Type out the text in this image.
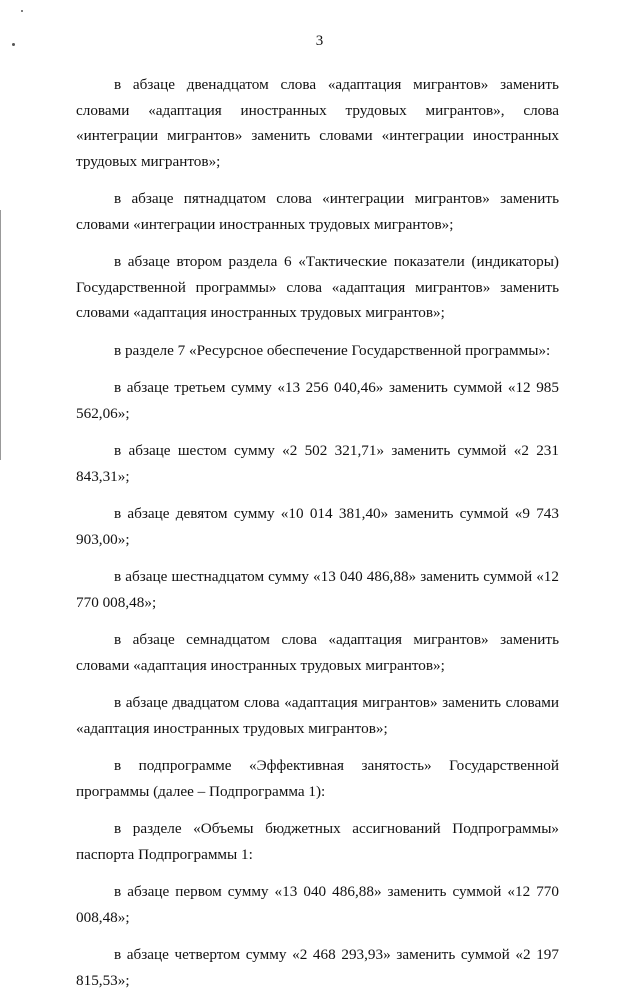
3

в абзаце двенадцатом слова «адаптация мигрантов» заменить словами «адаптация иностранных трудовых мигрантов», слова «интеграции мигрантов» заменить словами «интеграции иностранных трудовых мигрантов»;

в абзаце пятнадцатом слова «интеграции мигрантов» заменить словами «интеграции иностранных трудовых мигрантов»;

в абзаце втором раздела 6 «Тактические показатели (индикаторы) Государственной программы» слова «адаптация мигрантов» заменить словами «адаптация иностранных трудовых мигрантов»;

в разделе 7 «Ресурсное обеспечение Государственной программы»:

в абзаце третьем сумму «13 256 040,46» заменить суммой «12 985 562,06»;

в абзаце шестом сумму «2 502 321,71» заменить суммой «2 231 843,31»;

в абзаце девятом сумму «10 014 381,40» заменить суммой «9 743 903,00»;

в абзаце шестнадцатом сумму «13 040 486,88» заменить суммой «12 770 008,48»;

в абзаце семнадцатом слова «адаптация мигрантов» заменить словами «адаптация иностранных трудовых мигрантов»;

в абзаце двадцатом слова «адаптация мигрантов» заменить словами «адаптация иностранных трудовых мигрантов»;

в подпрограмме «Эффективная занятость» Государственной программы (далее – Подпрограмма 1):

в разделе «Объемы бюджетных ассигнований Подпрограммы» паспорта Подпрограммы 1:

в абзаце первом сумму «13 040 486,88» заменить суммой «12 770 008,48»;

в абзаце четвертом сумму «2 468 293,93» заменить суммой «2 197 815,53»;
